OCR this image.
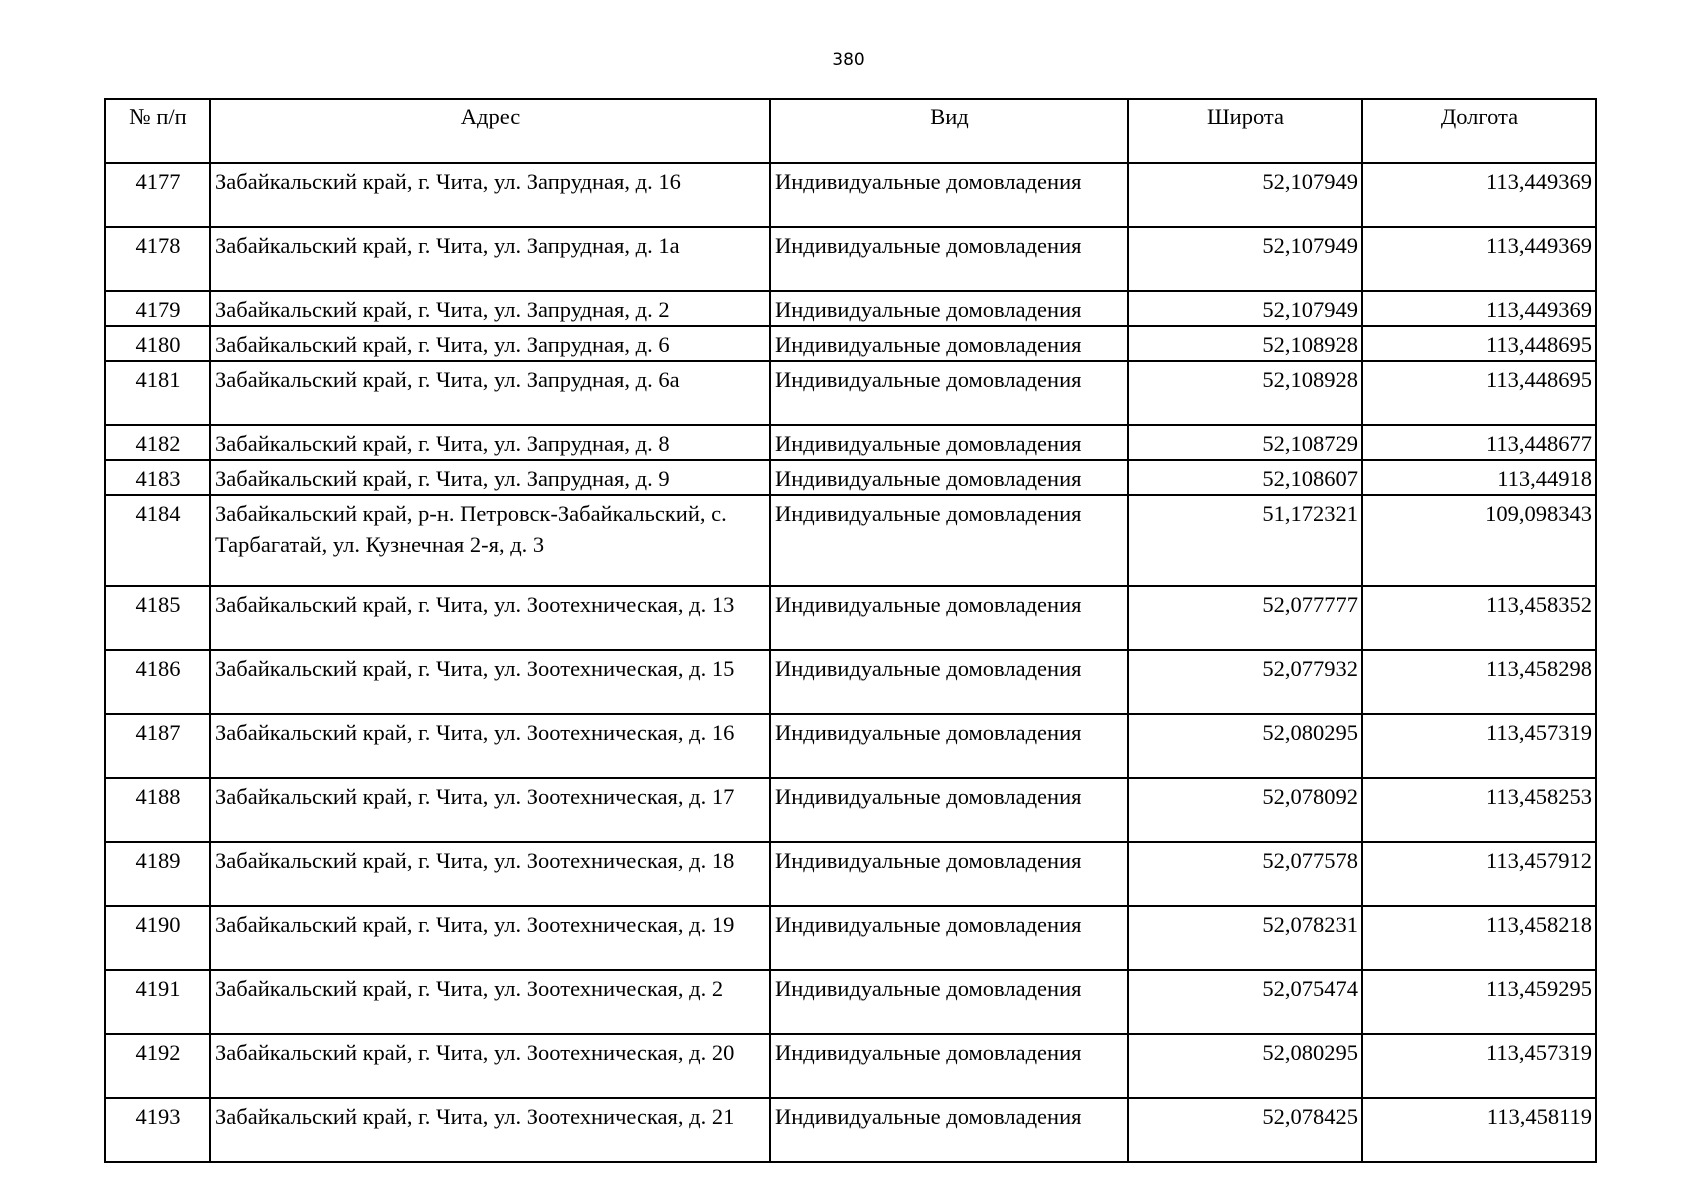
380
№ п/п	Адрес	Вид	Широта	Долгота
4177	Забайкальский край, г. Чита, ул. Запрудная, д. 16	Индивидуальные домовладения	52,107949	113,449369
4178	Забайкальский край, г. Чита, ул. Запрудная, д. 1а	Индивидуальные домовладения	52,107949	113,449369
4179	Забайкальский край, г. Чита, ул. Запрудная, д. 2	Индивидуальные домовладения	52,107949	113,449369
4180	Забайкальский край, г. Чита, ул. Запрудная, д. 6	Индивидуальные домовладения	52,108928	113,448695
4181	Забайкальский край, г. Чита, ул. Запрудная, д. 6а	Индивидуальные домовладения	52,108928	113,448695
4182	Забайкальский край, г. Чита, ул. Запрудная, д. 8	Индивидуальные домовладения	52,108729	113,448677
4183	Забайкальский край, г. Чита, ул. Запрудная, д. 9	Индивидуальные домовладения	52,108607	113,44918
4184	Забайкальский край, р-н. Петровск-Забайкальский, с. Тарбагатай, ул. Кузнечная 2-я, д. 3	Индивидуальные домовладения	51,172321	109,098343
4185	Забайкальский край, г. Чита, ул. Зоотехническая, д. 13	Индивидуальные домовладения	52,077777	113,458352
4186	Забайкальский край, г. Чита, ул. Зоотехническая, д. 15	Индивидуальные домовладения	52,077932	113,458298
4187	Забайкальский край, г. Чита, ул. Зоотехническая, д. 16	Индивидуальные домовладения	52,080295	113,457319
4188	Забайкальский край, г. Чита, ул. Зоотехническая, д. 17	Индивидуальные домовладения	52,078092	113,458253
4189	Забайкальский край, г. Чита, ул. Зоотехническая, д. 18	Индивидуальные домовладения	52,077578	113,457912
4190	Забайкальский край, г. Чита, ул. Зоотехническая, д. 19	Индивидуальные домовладения	52,078231	113,458218
4191	Забайкальский край, г. Чита, ул. Зоотехническая, д. 2	Индивидуальные домовладения	52,075474	113,459295
4192	Забайкальский край, г. Чита, ул. Зоотехническая, д. 20	Индивидуальные домовладения	52,080295	113,457319
4193	Забайкальский край, г. Чита, ул. Зоотехническая, д. 21	Индивидуальные домовладения	52,078425	113,458119
